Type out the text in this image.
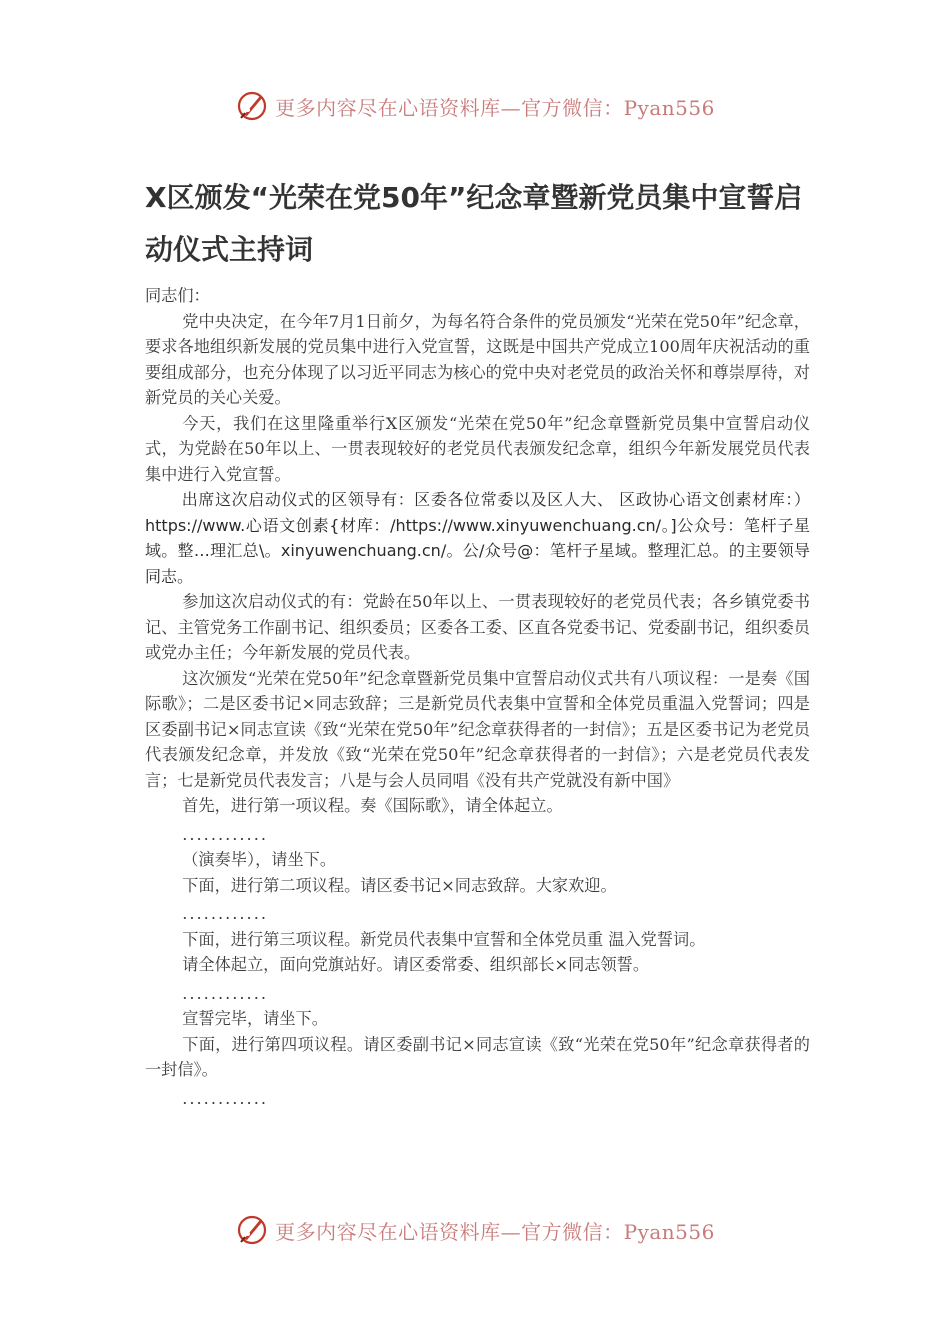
更多内容尽在心语资料库—官方微信：Pyan556
X区颁发“光荣在党50年”纪念章暨新党员集中宣誓启动仪式主持词

同志们：

党中央决定，在今年7月1日前夕，为每名符合条件的党员颁发“光荣在党50年”纪念章，要求各地组织新发展的党员集中进行入党宣誓，这既是中国共产党成立100周年庆祝活动的重要组成部分，也充分体现了以习近平同志为核心的党中央对老党员的政治关怀和尊崇厚待，对新党员的关心关爱。

今天，我们在这里隆重举行X区颁发“光荣在党50年”纪念章暨新党员集中宣誓启动仪式，为党龄在50年以上、一贯表现较好的老党员代表颁发纪念章，组织今年新发展党员代表集中进行入党宣誓。

出席这次启动仪式的区领导有：区委各位常委以及区人大、 区政协心语文创素材库：）https://www.心语文创素{材库：/https://www.xinyuwenchuang.cn/。]公众号：笔杆子星域。整…理汇总\。xinyuwenchuang.cn/。公/众号@：笔杆子星域。整理汇总。的主要领导同志。

参加这次启动仪式的有：党龄在50年以上、一贯表现较好的老党员代表；各乡镇党委书记、主管党务工作副书记、组织委员；区委各工委、区直各党委书记、党委副书记，组织委员或党办主任；今年新发展的党员代表。

这次颁发“光荣在党50年”纪念章暨新党员集中宣誓启动仪式共有八项议程：一是奏《国际歌》；二是区委书记×同志致辞；三是新党员代表集中宣誓和全体党员重温入党誓词；四是区委副书记×同志宣读《致“光荣在党50年”纪念章获得者的一封信》；五是区委书记为老党员代表颁发纪念章，并发放《致“光荣在党50年”纪念章获得者的一封信》；六是老党员代表发言；七是新党员代表发言；八是与会人员同唱《没有共产党就没有新中国》

首先，进行第一项议程。奏《国际歌》，请全体起立。

............

（演奏毕），请坐下。

下面，进行第二项议程。请区委书记×同志致辞。大家欢迎。

............

下面，进行第三项议程。新党员代表集中宣誓和全体党员重 温入党誓词。

请全体起立，面向党旗站好。请区委常委、组织部长×同志领誓。

............

宣誓完毕，请坐下。

下面，进行第四项议程。请区委副书记×同志宣读《致“光荣在党50年”纪念章获得者的一封信》。

............

更多内容尽在心语资料库—官方微信：Pyan556
